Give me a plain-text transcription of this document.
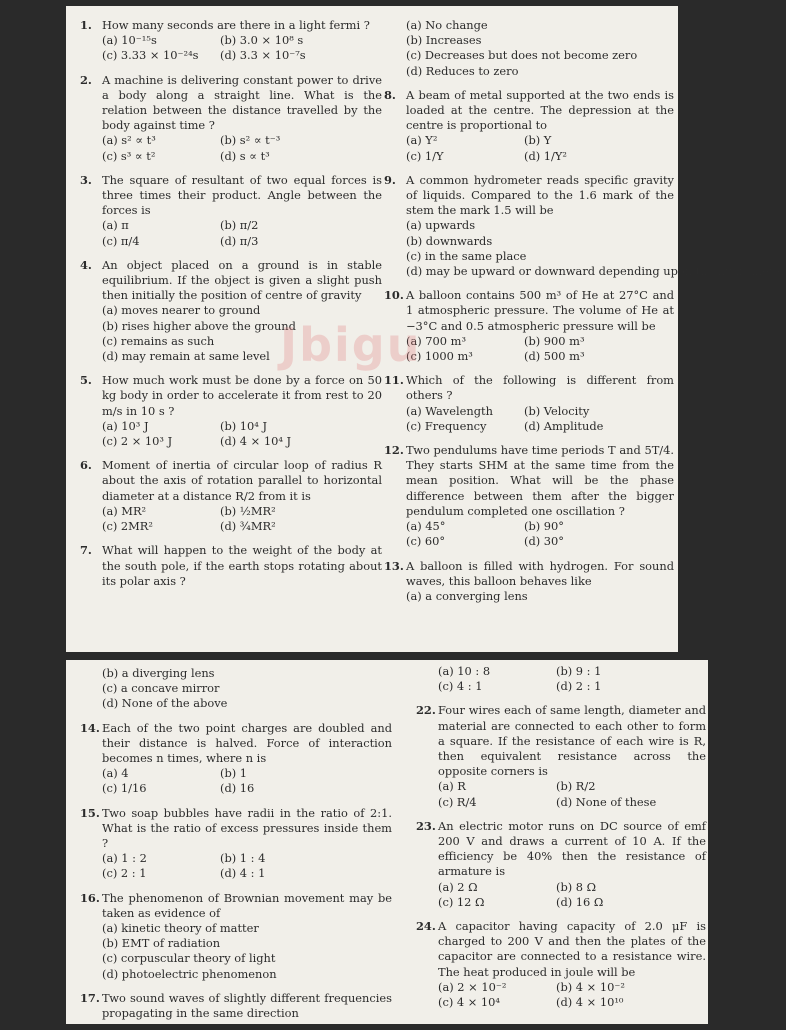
1. How many seconds are there in a light fermi ?
(a) 10⁻¹⁵s	(b) 3.0 × 10⁸ s
(c) 3.33 × 10⁻²⁴s	(d) 3.3 × 10⁻⁷s
2. A machine is delivering constant power to drive a body along a straight line. What is the relation between the distance travelled by the body against time ?
(a) s² ∝ t³	(b) s² ∝ t⁻³
(c) s³ ∝ t²	(d) s ∝ t³
3. The square of resultant of two equal forces is three times their product. Angle between the forces is
(a) π	(b) π/2
(c) π/4	(d) π/3
4. An object placed on a ground is in stable equilibrium. If the object is given a slight push then initially the position of centre of gravity
(a) moves nearer to ground
(b) rises higher above the ground
(c) remains as such
(d) may remain at same level
5. How much work must be done by a force on 50 kg body in order to accelerate it from rest to 20 m/s in 10 s ?
(a) 10³ J	(b) 10⁴ J
(c) 2 × 10³ J	(d) 4 × 10⁴ J
6. Moment of inertia of circular loop of radius R about the axis of rotation parallel to horizontal diameter at a distance R/2 from it is
(a) MR²	(b) ½MR²
(c) 2MR²	(d) ¾MR²
7. What will happen to the weight of the body at the south pole, if the earth stops rotating about its polar axis ?
(a) No change
(b) Increases
(c) Decreases but does not become zero
(d) Reduces to zero
8. A beam of metal supported at the two ends is loaded at the centre. The depression at the centre is proportional to
(a) Y²	(b) Y
(c) 1/Y	(d) 1/Y²
9. A common hydrometer reads specific gravity of liquids. Compared to the 1.6 mark of the stem the mark 1.5 will be
(a) upwards
(b) downwards
(c) in the same place
(d) may be upward or downward depending upon the hydrometer
10. A balloon contains 500 m³ of He at 27°C and 1 atmospheric pressure. The volume of He at −3°C and 0.5 atmospheric pressure will be
(a) 700 m³	(b) 900 m³
(c) 1000 m³	(d) 500 m³
11. Which of the following is different from others ?
(a) Wavelength	(b) Velocity
(c) Frequency	(d) Amplitude
12. Two pendulums have time periods T and 5T/4. They starts SHM at the same time from the mean position. What will be the phase difference between them after the bigger pendulum completed one oscillation ?
(a) 45°	(b) 90°
(c) 60°	(d) 30°
13. A balloon is filled with hydrogen. For sound waves, this balloon behaves like
(a) a converging lens
Jbigu
(b) a diverging lens
(c) a concave mirror
(d) None of the above
14. Each of the two point charges are doubled and their distance is halved. Force of interaction becomes n times, where n is
(a) 4	(b) 1
(c) 1/16	(d) 16
15. Two soap bubbles have radii in the ratio of 2:1. What is the ratio of excess pressures inside them ?
(a) 1 : 2	(b) 1 : 4
(c) 2 : 1	(d) 4 : 1
16. The phenomenon of Brownian movement may be taken as evidence of
(a) kinetic theory of matter
(b) EMT of radiation
(c) corpuscular theory of light
(d) photoelectric phenomenon
17. Two sound waves of slightly different frequencies propagating in the same direction
(a) 10 : 8	(b) 9 : 1
(c) 4 : 1	(d) 2 : 1
22. Four wires each of same length, diameter and material are connected to each other to form a square. If the resistance of each wire is R, then equivalent resistance across the opposite corners is
(a) R	(b) R/2
(c) R/4	(d) None of these
23. An electric motor runs on DC source of emf 200 V and draws a current of 10 A. If the efficiency be 40% then the resistance of armature is
(a) 2 Ω	(b) 8 Ω
(c) 12 Ω	(d) 16 Ω
24. A capacitor having capacity of 2.0 μF is charged to 200 V and then the plates of the capacitor are connected to a resistance wire. The heat produced in joule will be
(a) 2 × 10⁻²	(b) 4 × 10⁻²
(c) 4 × 10⁴	(d) 4 × 10¹⁰
